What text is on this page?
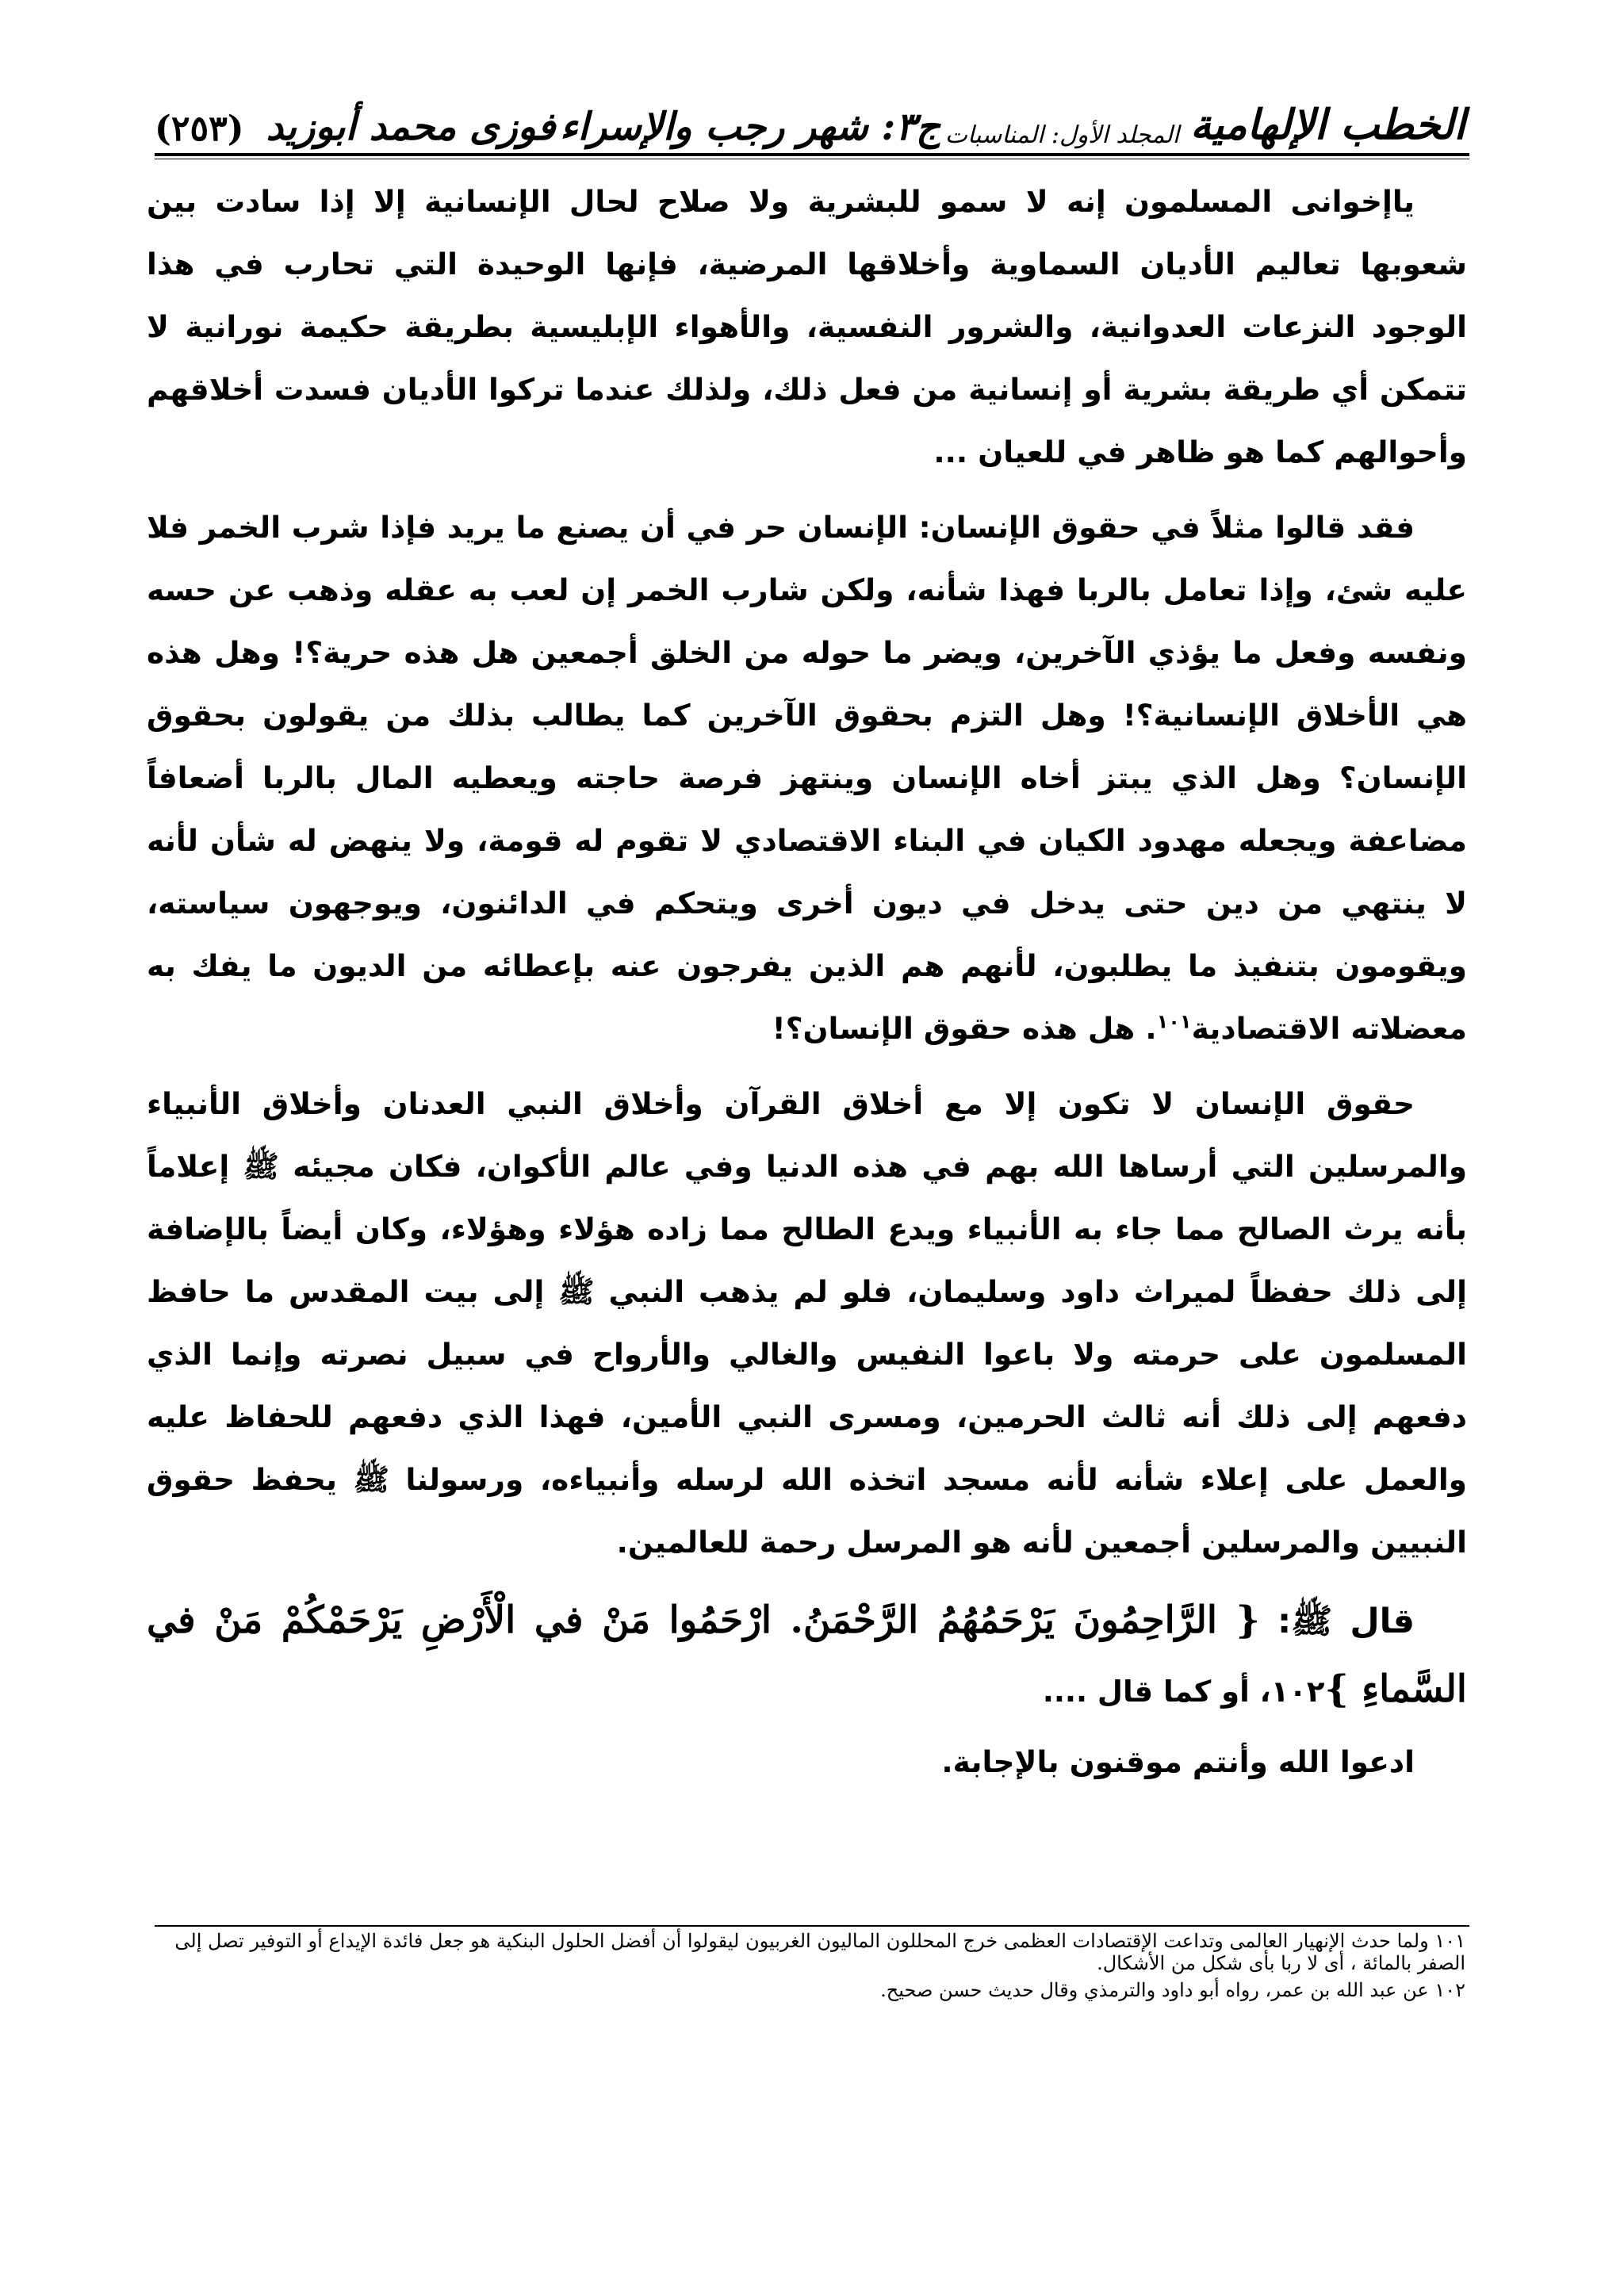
الخطب الإلهامية
المجلد الأول: المناسبات
ج٣: شهر رجب والإسراء
فوزى محمد أبوزيد
(٢٥٣)

ياإخوانى المسلمون إنه لا سمو للبشرية ولا صلاح لحال الإنسانية إلا إذا سادت بين شعوبها تعاليم الأديان السماوية وأخلاقها المرضية، فإنها الوحيدة التي تحارب في هذا الوجود النزعات العدوانية، والشرور النفسية، والأهواء الإبليسية بطريقة حكيمة نورانية لا تتمكن أي طريقة بشرية أو إنسانية من فعل ذلك، ولذلك عندما تركوا الأديان فسدت أخلاقهم وأحوالهم كما هو ظاهر في للعيان ...

فقد قالوا مثلاً في حقوق الإنسان: الإنسان حر في أن يصنع ما يريد فإذا شرب الخمر فلا عليه شئ، وإذا تعامل بالربا فهذا شأنه، ولكن شارب الخمر إن لعب به عقله وذهب عن حسه ونفسه وفعل ما يؤذي الآخرين، ويضر ما حوله من الخلق أجمعين هل هذه حرية؟! وهل هذه هي الأخلاق الإنسانية؟! وهل التزم بحقوق الآخرين كما يطالب بذلك من يقولون بحقوق الإنسان؟ وهل الذي يبتز أخاه الإنسان وينتهز فرصة حاجته ويعطيه المال بالربا أضعافاً مضاعفة ويجعله مهدود الكيان في البناء الاقتصادي لا تقوم له قومة، ولا ينهض له شأن لأنه لا ينتهي من دين حتى يدخل في ديون أخرى ويتحكم في الدائنون، ويوجهون سياسته، ويقومون بتنفيذ ما يطلبون، لأنهم هم الذين يفرجون عنه بإعطائه من الديون ما يفك به معضلاته الاقتصادية$^{١٠١}$. هل هذه حقوق الإنسان؟!

حقوق الإنسان لا تكون إلا مع أخلاق القرآن وأخلاق النبي العدنان وأخلاق الأنبياء والمرسلين التي أرساها الله بهم في هذه الدنيا وفي عالم الأكوان، فكان مجيئه ﷺ إعلاماً بأنه يرث الصالح مما جاء به الأنبياء ويدع الطالح مما زاده هؤلاء وهؤلاء، وكان أيضاً بالإضافة إلى ذلك حفظاً لميراث داود وسليمان، فلو لم يذهب النبي ﷺ إلى بيت المقدس ما حافظ المسلمون على حرمته ولا باعوا النفيس والغالي والأرواح في سبيل نصرته وإنما الذي دفعهم إلى ذلك أنه ثالث الحرمين، ومسرى النبي الأمين، فهذا الذي دفعهم للحفاظ عليه والعمل على إعلاء شأنه لأنه مسجد اتخذه الله لرسله وأنبياءه، ورسولنا ﷺ يحفظ حقوق النبيين والمرسلين أجمعين لأنه هو المرسل رحمة للعالمين.

قال ﷺ: { الرَّاحِمُونَ يَرْحَمُهُمُ الرَّحْمَنُ. ارْحَمُوا مَنْ في الْأَرْضِ يَرْحَمْكُمْ مَنْ في السَّماءِ }١٠٢، أو كما قال ....

ادعوا الله وأنتم موقنون بالإجابة.

١٠١ ولما حدث الإنهيار العالمى وتداعت الإقتصادات العظمى خرج المحللون الماليون الغربيون ليقولوا أن أفضل الحلول البنكية هو جعل فائدة الإيداع أو التوفير تصل إلى الصفر بالمائة ، أى لا ربا بأى شكل من الأشكال.

١٠٢ عن عبد الله بن عمر، رواه أبو داود والترمذي وقال حديث حسن صحيح.
